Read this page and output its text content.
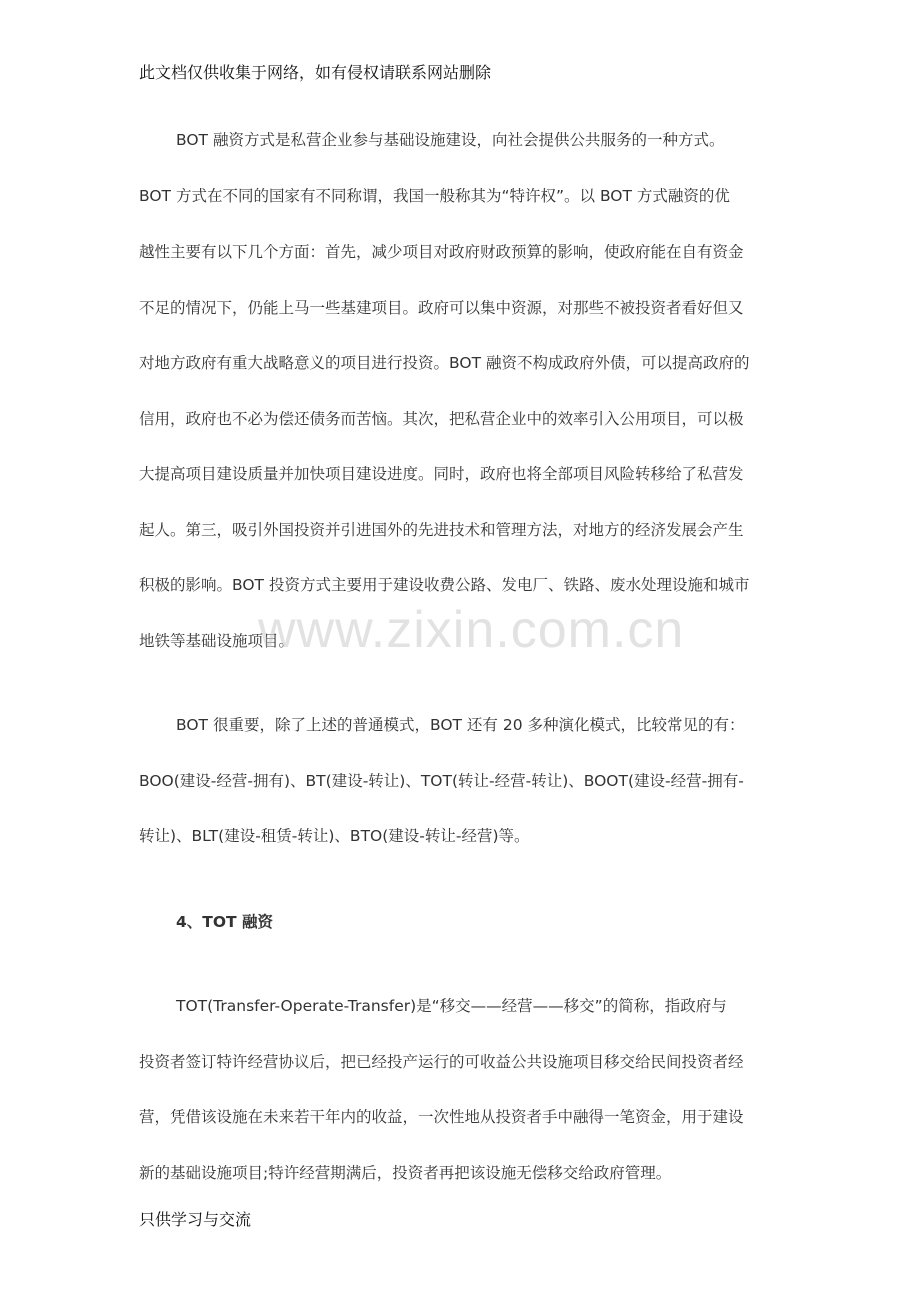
此文档仅供收集于网络，如有侵权请联系网站删除
BOT 融资方式是私营企业参与基础设施建设，向社会提供公共服务的一种方式。
BOT 方式在不同的国家有不同称谓，我国一般称其为“特许权”。以 BOT 方式融资的优
越性主要有以下几个方面：首先，减少项目对政府财政预算的影响，使政府能在自有资金
不足的情况下，仍能上马一些基建项目。政府可以集中资源，对那些不被投资者看好但又
对地方政府有重大战略意义的项目进行投资。BOT 融资不构成政府外债，可以提高政府的
信用，政府也不必为偿还债务而苦恼。其次，把私营企业中的效率引入公用项目，可以极
大提高项目建设质量并加快项目建设进度。同时，政府也将全部项目风险转移给了私营发
起人。第三，吸引外国投资并引进国外的先进技术和管理方法，对地方的经济发展会产生
积极的影响。BOT 投资方式主要用于建设收费公路、发电厂、铁路、废水处理设施和城市
地铁等基础设施项目。
BOT 很重要，除了上述的普通模式，BOT 还有 20 多种演化模式，比较常见的有：
BOO(建设-经营-拥有)、BT(建设-转让)、TOT(转让-经营-转让)、BOOT(建设-经营-拥有-
转让)、BLT(建设-租赁-转让)、BTO(建设-转让-经营)等。
4、TOT 融资
TOT(Transfer-Operate-Transfer)是“移交——经营——移交”的简称，指政府与
投资者签订特许经营协议后，把已经投产运行的可收益公共设施项目移交给民间投资者经
营，凭借该设施在未来若干年内的收益，一次性地从投资者手中融得一笔资金，用于建设
新的基础设施项目;特许经营期满后，投资者再把该设施无偿移交给政府管理。
只供学习与交流
www.zixin.com.cn
